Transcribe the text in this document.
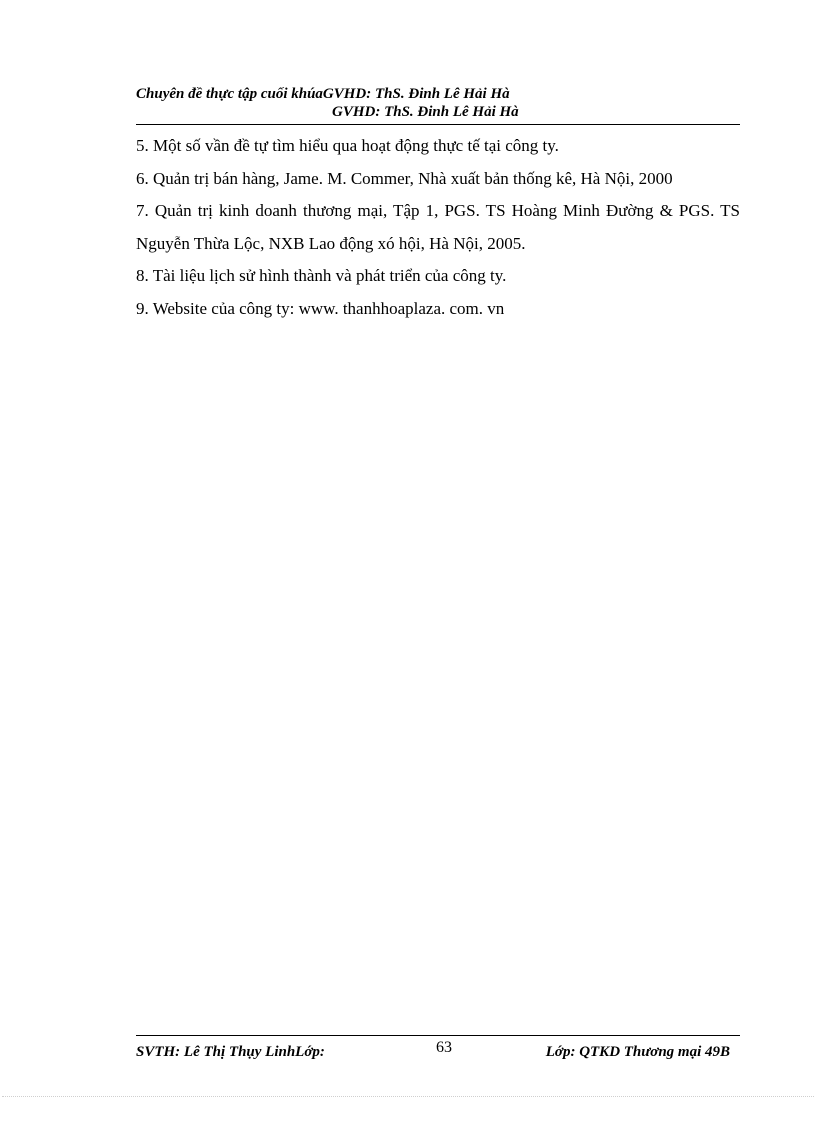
Chuyên đề thực tập cuối khúaGVHD: ThS. Đinh Lê Hải Hà
GVHD: ThS. Đinh Lê Hải Hà

5. Một số vần đề tự tìm hiểu qua hoạt động thực tế tại công ty.

6. Quản trị bán hàng, Jame. M. Commer, Nhà xuất bản thống kê, Hà Nội, 2000

7. Quản trị kinh doanh thương mại, Tập 1, PGS. TS Hoàng Minh Đường & PGS. TS Nguyễn Thừa Lộc, NXB Lao động xó hội, Hà Nội, 2005.

8. Tài liệu lịch sử hình thành và phát triển của công ty.

9. Website của công ty: www. thanhhoaplaza. com. vn

SVTH: Lê Thị Thụy LinhLớp:	63	Lớp: QTKD Thương mại 49B
